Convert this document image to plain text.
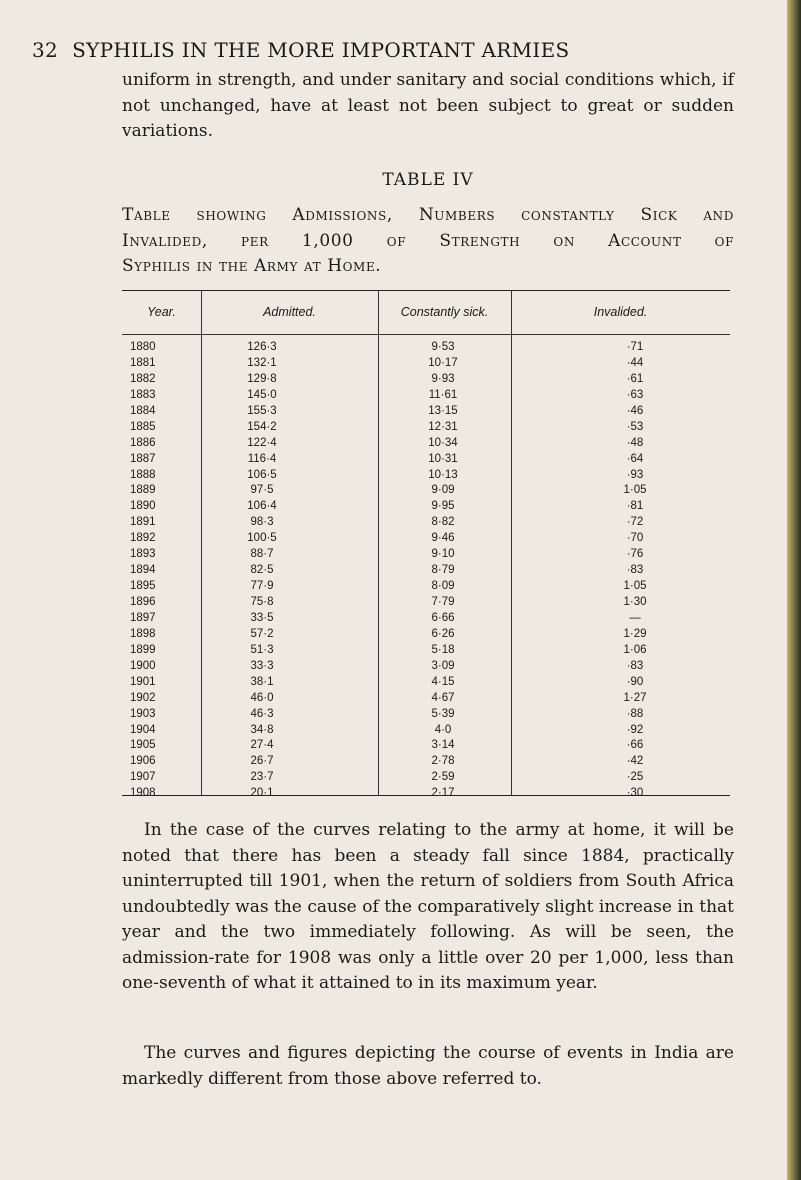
32 SYPHILIS IN THE MORE IMPORTANT ARMIES
uniform in strength, and under sanitary and social conditions which, if not unchanged, have at least not been subject to great or sudden variations.
TABLE IV
Table showing Admissions, Numbers constantly Sick and
Invalided, per 1,000 of Strength on Account of
Syphilis in the Army at Home.
Year.	Admitted.	Constantly sick.	Invalided.
1880	126·3	9·53	·71
1881	132·1	10·17	·44
1882	129·8	9·93	·61
1883	145·0	11·61	·63
1884	155·3	13·15	·46
1885	154·2	12·31	·53
1886	122·4	10·34	·48
1887	116·4	10·31	·64
1888	106·5	10·13	·93
1889	97·5	9·09	1·05
1890	106·4	9·95	·81
1891	98·3	8·82	·72
1892	100·5	9·46	·70
1893	88·7	9·10	·76
1894	82·5	8·79	·83
1895	77·9	8·09	1·05
1896	75·8	7·79	1·30
1897	33·5	6·66	—
1898	57·2	6·26	1·29
1899	51·3	5·18	1·06
1900	33·3	3·09	·83
1901	38·1	4·15	·90
1902	46·0	4·67	1·27
1903	46·3	5·39	·88
1904	34·8	4·0	·92
1905	27·4	3·14	·66
1906	26·7	2·78	·42
1907	23·7	2·59	·25
1908	20·1	2·17	·30
In the case of the curves relating to the army at home, it will be noted that there has been a steady fall since 1884, practically uninterrupted till 1901, when the return of soldiers from South Africa undoubtedly was the cause of the comparatively slight increase in that year and the two immediately following. As will be seen, the admission-rate for 1908 was only a little over 20 per 1,000, less than one-seventh of what it attained to in its maximum year.
The curves and figures depicting the course of events in India are markedly different from those above referred to.
